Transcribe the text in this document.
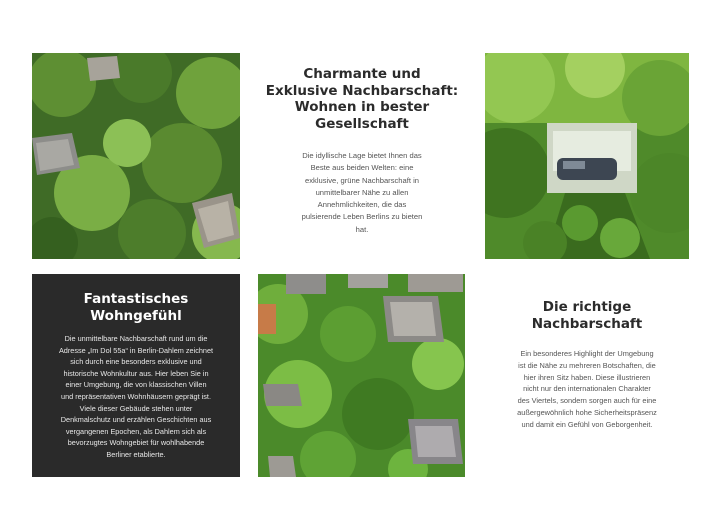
Charmante und
Exklusive Nachbarschaft:
Wohnen in bester
Gesellschaft

Die idyllische Lage bietet Ihnen das
Beste aus beiden Welten: eine
exklusive, grüne Nachbarschaft in
unmittelbarer Nähe zu allen
Annehmlichkeiten, die das
pulsierende Leben Berlins zu bieten
hat.

Fantastisches
Wohngefühl

Die unmittelbare Nachbarschaft rund um die
Adresse „Im Dol 55a“ in Berlin-Dahlem zeichnet
sich durch eine besonders exklusive und
historische Wohnkultur aus. Hier leben Sie in
einer Umgebung, die von klassischen Villen
und repräsentativen Wohnhäusern geprägt ist.
Viele dieser Gebäude stehen unter
Denkmalschutz und erzählen Geschichten aus
vergangenen Epochen, als Dahlem sich als
bevorzugtes Wohngebiet für wohlhabende
Berliner etablierte.

Die richtige
Nachbarschaft

Ein besonderes Highlight der Umgebung
ist die Nähe zu mehreren Botschaften, die
hier ihren Sitz haben. Diese illustrieren
nicht nur den internationalen Charakter
des Viertels, sondern sorgen auch für eine
außergewöhnlich hohe Sicherheitspräsenz
und damit ein Gefühl von Geborgenheit.
